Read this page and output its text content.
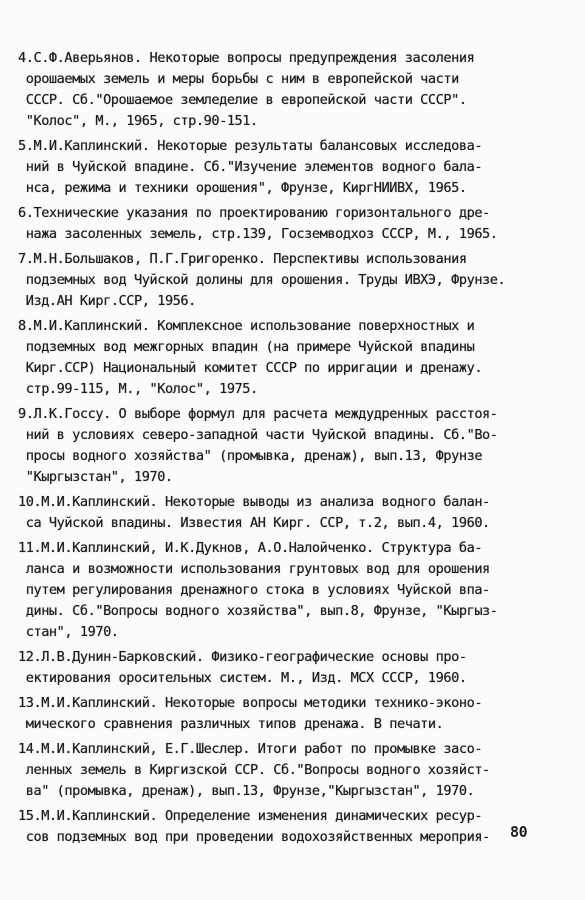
4.С.Ф.Аверьянов. Некоторые вопросы предупреждения засоления
орошаемых земель и меры борьбы с ним в европейской части
СССР. Сб."Орошаемое земледелие в европейской части СССР".
"Колос", М., 1965, стр.90-151.
5.М.И.Каплинский. Некоторые результаты балансовых исследова-
ний в Чуйской впадине. Сб."Изучение элементов водного бала-
нса, режима и техники орошения", Фрунзе, КиргНИИВХ, 1965.
6.Технические указания по проектированию горизонтального дре-
нажа засоленных земель, стр.139, Госземводхоз СССР, М., 1965.
7.М.Н.Большаков, П.Г.Григоренко. Перспективы использования
подземных вод Чуйской долины для орошения. Труды ИВХЭ, Фрунзе.
Изд.АН Кирг.ССР, 1956.
8.М.И.Каплинский. Комплексное использование поверхностных и
подземных вод межгорных впадин (на примере Чуйской впадины
Кирг.ССР) Национальный комитет СССР по ирригации и дренажу.
стр.99-115, М., "Колос", 1975.
9.Л.К.Госсу. О выборе формул для расчета междудренных расстоя-
ний в условиях северо-западной части Чуйской впадины. Сб."Во-
просы водного хозяйства" (промывка, дренаж), вып.13, Фрунзе
"Кыргызстан", 1970.
10.М.И.Каплинский. Некоторые выводы из анализа водного балан-
са Чуйской впадины. Известия АН Кирг. ССР, т.2, вып.4, 1960.
11.М.И.Каплинский, И.К.Дукнов, А.О.Налойченко. Структура ба-
ланса и возможности использования грунтовых вод для орошения
путем регулирования дренажного стока в условиях Чуйской впа-
дины. Сб."Вопросы водного хозяйства", вып.8, Фрунзе, "Кыргыз-
стан", 1970.
12.Л.В.Дунин-Барковский. Физико-географические основы про-
ектирования оросительных систем. М., Изд. МСХ СССР, 1960.
13.М.И.Каплинский. Некоторые вопросы методики технико-эконо-
мического сравнения различных типов дренажа. В печати.
14.М.И.Каплинский, Е.Г.Шеслер. Итоги работ по промывке засо-
ленных земель в Киргизской ССР. Сб."Вопросы водного хозяйст-
ва" (промывка, дренаж), вып.13, Фрунзе,"Кыргызстан", 1970.
15.М.И.Каплинский. Определение изменения динамических ресур-
сов подземных вод при проведении водохозяйственных мероприя-	80
